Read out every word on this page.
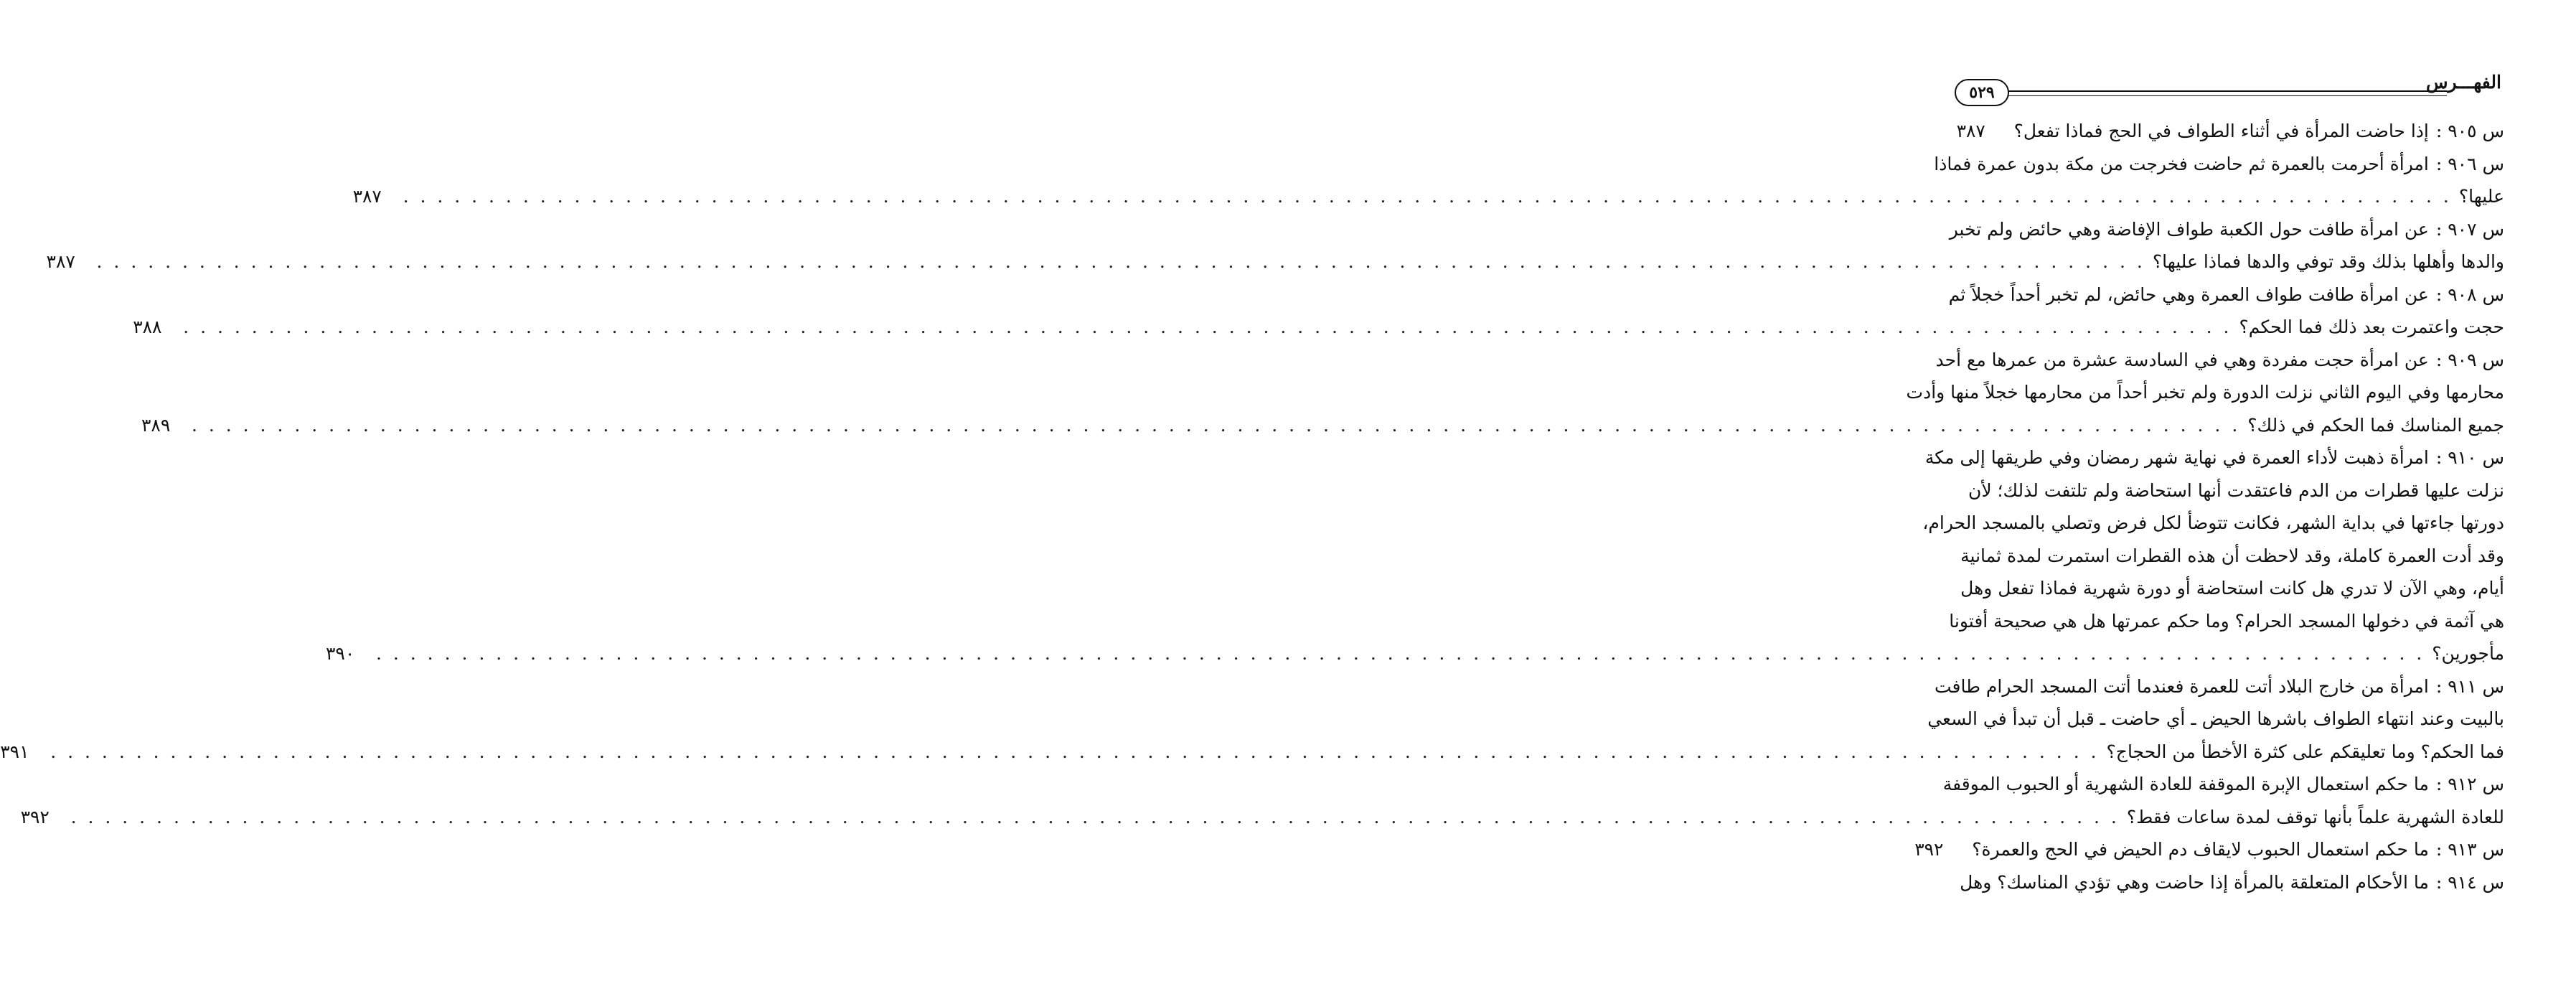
الفهـــرس
٥٢٩
س ٩٠٥ :
إذا حاضت المرأة في أثناء الطواف في الحج فماذا تفعل؟
٣٨٧
س ٩٠٦ :
امرأة أحرمت بالعمرة ثم حاضت فخرجت من مكة بدون عمرة فماذا
عليها؟
. . . . . . . . . . . . . . . . . . . . . . . . . . . . . . . . . . . . . . . . . . . . . . . . . . . . . . . . . . . . . . . . . . . . . . . . . . . . . . . . . . . . . . . . . . . . . . . . . . . . . . . . . . . . . . . . . . . . . . . .
٣٨٧
س ٩٠٧ :
عن امرأة طافت حول الكعبة طواف الإفاضة وهي حائض ولم تخبر
والدها وأهلها بذلك وقد توفي والدها فماذا عليها؟
. . . . . . . . . . . . . . . . . . . . . . . . . . . . . . . . . . . . . . . . . . . . . . . . . . . . . . . . . . . . . . . . . . . . . . . . . . . . . . . . . . . . . . . . . . . . . . . . . . . . . . . . . . . . . . . . . . . . . . . .
٣٨٧
س ٩٠٨ :
عن امرأة طافت طواف العمرة وهي حائض، لم تخبر أحداً خجلاً ثم
حجت واعتمرت بعد ذلك فما الحكم؟
. . . . . . . . . . . . . . . . . . . . . . . . . . . . . . . . . . . . . . . . . . . . . . . . . . . . . . . . . . . . . . . . . . . . . . . . . . . . . . . . . . . . . . . . . . . . . . . . . . . . . . . . . . . . . . . . . . . . . . . .
٣٨٨
س ٩٠٩ :
عن امرأة حجت مفردة وهي في السادسة عشرة من عمرها مع أحد
محارمها وفي اليوم الثاني نزلت الدورة ولم تخبر أحداً من محارمها خجلاً منها وأدت
جميع المناسك فما الحكم في ذلك؟
. . . . . . . . . . . . . . . . . . . . . . . . . . . . . . . . . . . . . . . . . . . . . . . . . . . . . . . . . . . . . . . . . . . . . . . . . . . . . . . . . . . . . . . . . . . . . . . . . . . . . . . . . . . . . . . . . . . . . . . .
٣٨٩
س ٩١٠ :
امرأة ذهبت لأداء العمرة في نهاية شهر رمضان وفي طريقها إلى مكة
نزلت عليها قطرات من الدم فاعتقدت أنها استحاضة ولم تلتفت لذلك؛ لأن
دورتها جاءتها في بداية الشهر، فكانت تتوضأ لكل فرض وتصلي بالمسجد الحرام،
وقد أدت العمرة كاملة، وقد لاحظت أن هذه القطرات استمرت لمدة ثمانية
أيام، وهي الآن لا تدري هل كانت استحاضة أو دورة شهرية فماذا تفعل وهل
هي آثمة في دخولها المسجد الحرام؟ وما حكم عمرتها هل هي صحيحة أفتونا
مأجورين؟
. . . . . . . . . . . . . . . . . . . . . . . . . . . . . . . . . . . . . . . . . . . . . . . . . . . . . . . . . . . . . . . . . . . . . . . . . . . . . . . . . . . . . . . . . . . . . . . . . . . . . . . . . . . . . . . . . . . . . . . .
٣٩٠
س ٩١١ :
امرأة من خارج البلاد أتت للعمرة فعندما أتت المسجد الحرام طافت
بالبيت وعند انتهاء الطواف باشرها الحيض ـ أي حاضت ـ قبل أن تبدأ في السعي
فما الحكم؟ وما تعليقكم على كثرة الأخطأ من الحجاج؟
. . . . . . . . . . . . . . . . . . . . . . . . . . . . . . . . . . . . . . . . . . . . . . . . . . . . . . . . . . . . . . . . . . . . . . . . . . . . . . . . . . . . . . . . . . . . . . . . . . . . . . . . . . . . . . . . . . . . . . . .
٣٩١
س ٩١٢ :
ما حكم استعمال الإبرة الموقفة للعادة الشهرية أو الحبوب الموقفة
للعادة الشهرية علماً بأنها توقف لمدة ساعات فقط؟
. . . . . . . . . . . . . . . . . . . . . . . . . . . . . . . . . . . . . . . . . . . . . . . . . . . . . . . . . . . . . . . . . . . . . . . . . . . . . . . . . . . . . . . . . . . . . . . . . . . . . . . . . . . . . . . . . . . . . . . .
٣٩٢
س ٩١٣ :
ما حكم استعمال الحبوب لايقاف دم الحيض في الحج والعمرة؟
٣٩٢
س ٩١٤ :
ما الأحكام المتعلقة بالمرأة إذا حاضت وهي تؤدي المناسك؟ وهل
